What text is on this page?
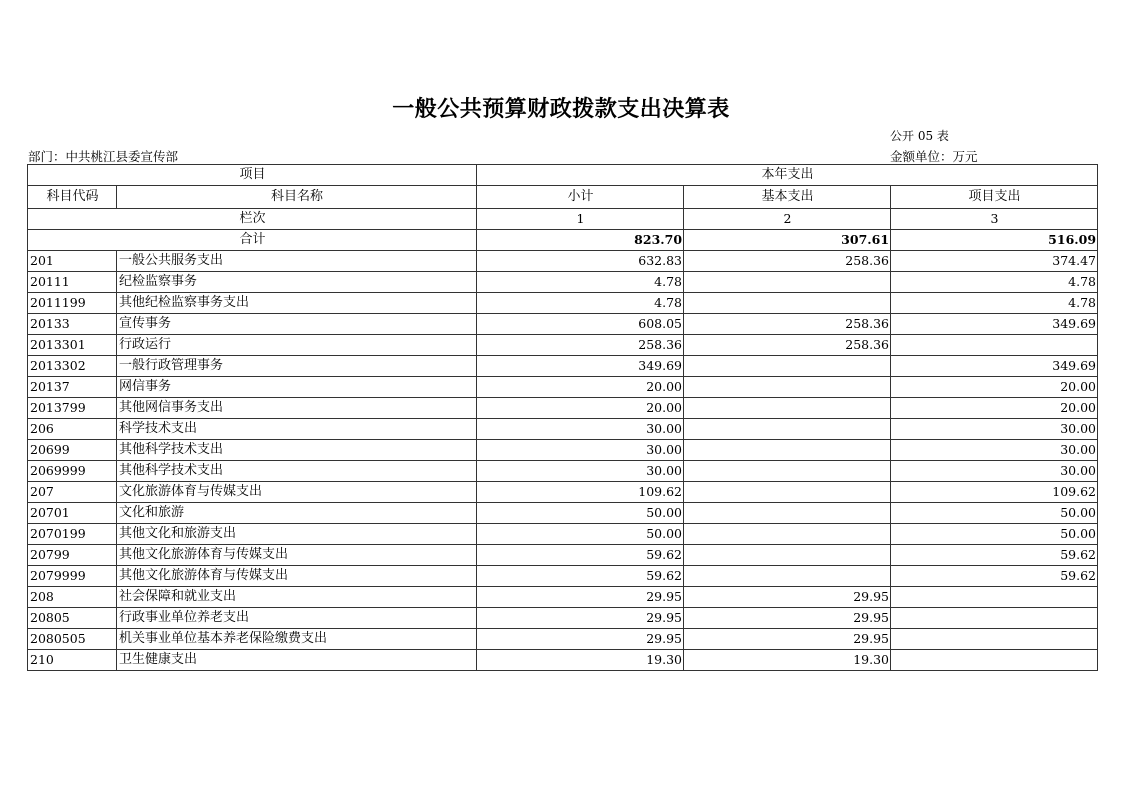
一般公共预算财政拨款支出决算表
公开 05 表
部门：中共桃江县委宣传部	金额单位：万元
项目		本年支出		
科目代码	科目名称	小计	基本支出	项目支出
栏次		1	2	3
合计		823.70	307.61	516.09
201	一般公共服务支出	632.83	258.36	374.47
20111	纪检监察事务	4.78		4.78
2011199	其他纪检监察事务支出	4.78		4.78
20133	宣传事务	608.05	258.36	349.69
2013301	行政运行	258.36	258.36	
2013302	一般行政管理事务	349.69		349.69
20137	网信事务	20.00		20.00
2013799	其他网信事务支出	20.00		20.00
206	科学技术支出	30.00		30.00
20699	其他科学技术支出	30.00		30.00
2069999	其他科学技术支出	30.00		30.00
207	文化旅游体育与传媒支出	109.62		109.62
20701	文化和旅游	50.00		50.00
2070199	其他文化和旅游支出	50.00		50.00
20799	其他文化旅游体育与传媒支出	59.62		59.62
2079999	其他文化旅游体育与传媒支出	59.62		59.62
208	社会保障和就业支出	29.95	29.95	
20805	行政事业单位养老支出	29.95	29.95	
2080505	机关事业单位基本养老保险缴费支出	29.95	29.95	
210	卫生健康支出	19.30	19.30	
